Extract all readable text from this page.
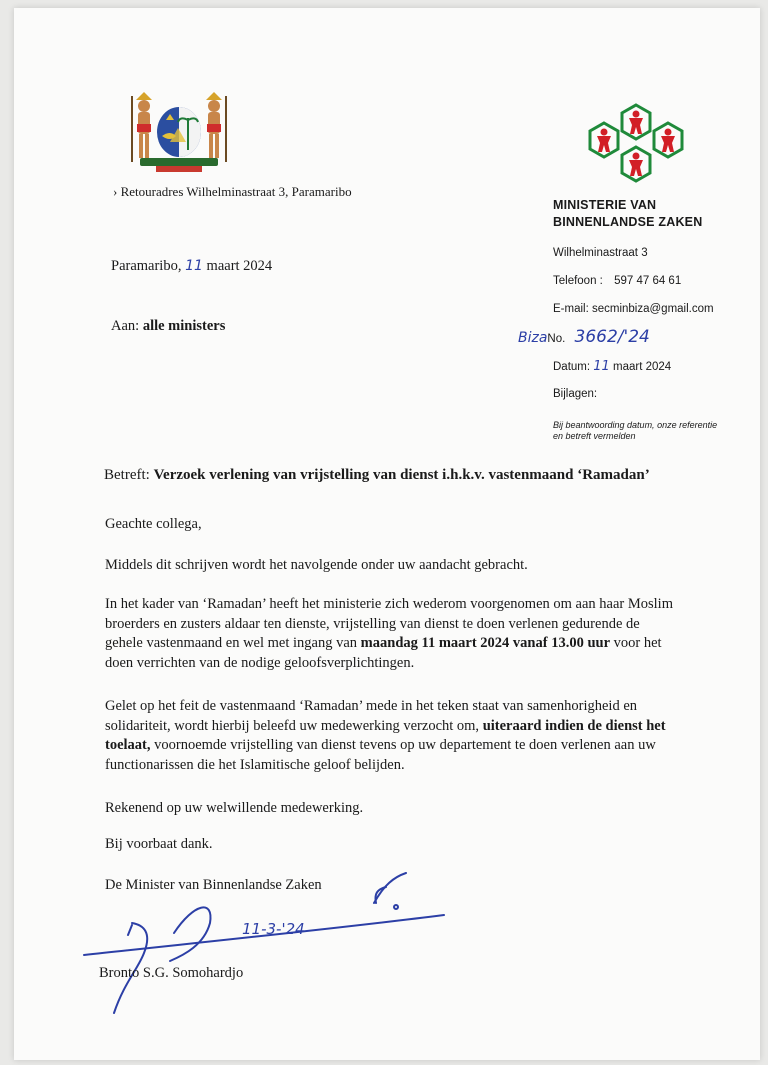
› Retouradres Wilhelminastraat 3, Paramaribo
MINISTERIE VAN
BINNENLANDSE ZAKEN
Wilhelminastraat 3
Telefoon : 597 47 64 61
E-mail: secminbiza@gmail.com
BizaNo. 3662/'24
Datum: 11 maart 2024
Bijlagen:
Bij beantwoording datum, onze referentie
en betreft vermelden
Paramaribo, 11 maart 2024
Aan: alle ministers
Betreft: Verzoek verlening van vrijstelling van dienst i.h.k.v. vastenmaand ‘Ramadan’
Geachte collega,
Middels dit schrijven wordt het navolgende onder uw aandacht gebracht.

In het kader van ‘Ramadan’ heeft het ministerie zich wederom voorgenomen om aan haar Moslim broerders en zusters aldaar ten dienste, vrijstelling van dienst te doen verlenen gedurende de gehele vastenmaand en wel met ingang van maandag 11 maart 2024 vanaf 13.00 uur voor het doen verrichten van de nodige geloofsverplichtingen.

Gelet op het feit de vastenmaand ‘Ramadan’ mede in het teken staat van samenhorigheid en solidariteit, wordt hierbij beleefd uw medewerking verzocht om, uiteraard indien de dienst het toelaat, voornoemde vrijstelling van dienst tevens op uw departement te doen verlenen aan uw functionarissen die het Islamitische geloof belijden.

Rekenend op uw welwillende medewerking.
Bij voorbaat dank.
De Minister van Binnenlandse Zaken
11-3-'24
Bronto S.G. Somohardjo
